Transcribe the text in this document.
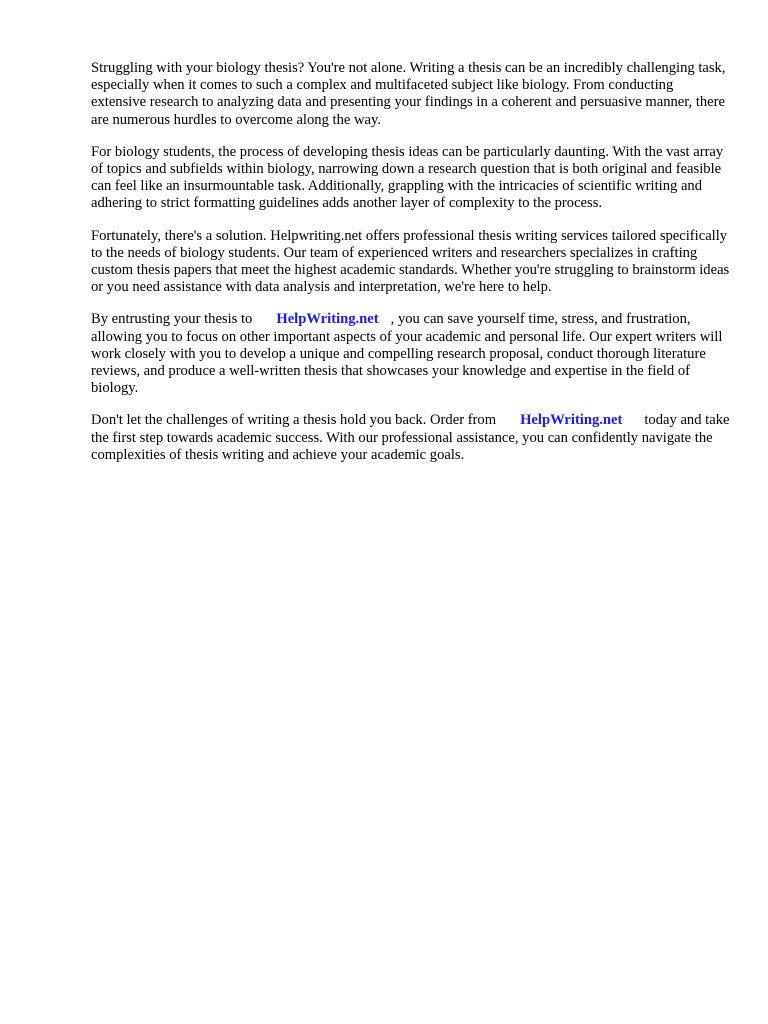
Struggling with your biology thesis? You're not alone. Writing a thesis can be an incredibly challenging task, especially when it comes to such a complex and multifaceted subject like biology. From conducting extensive research to analyzing data and presenting your findings in a coherent and persuasive manner, there are numerous hurdles to overcome along the way.

For biology students, the process of developing thesis ideas can be particularly daunting. With the vast array of topics and subfields within biology, narrowing down a research question that is both original and feasible can feel like an insurmountable task. Additionally, grappling with the intricacies of scientific writing and adhering to strict formatting guidelines adds another layer of complexity to the process.

Fortunately, there's a solution. Helpwriting.net offers professional thesis writing services tailored specifically to the needs of biology students. Our team of experienced writers and researchers specializes in crafting custom thesis papers that meet the highest academic standards. Whether you're struggling to brainstorm ideas or you need assistance with data analysis and interpretation, we're here to help.

By entrusting your thesis to HelpWriting.net , you can save yourself time, stress, and frustration, allowing you to focus on other important aspects of your academic and personal life. Our expert writers will work closely with you to develop a unique and compelling research proposal, conduct thorough literature reviews, and produce a well-written thesis that showcases your knowledge and expertise in the field of biology.

Don't let the challenges of writing a thesis hold you back. Order from HelpWriting.net today and take the first step towards academic success. With our professional assistance, you can confidently navigate the complexities of thesis writing and achieve your academic goals.
